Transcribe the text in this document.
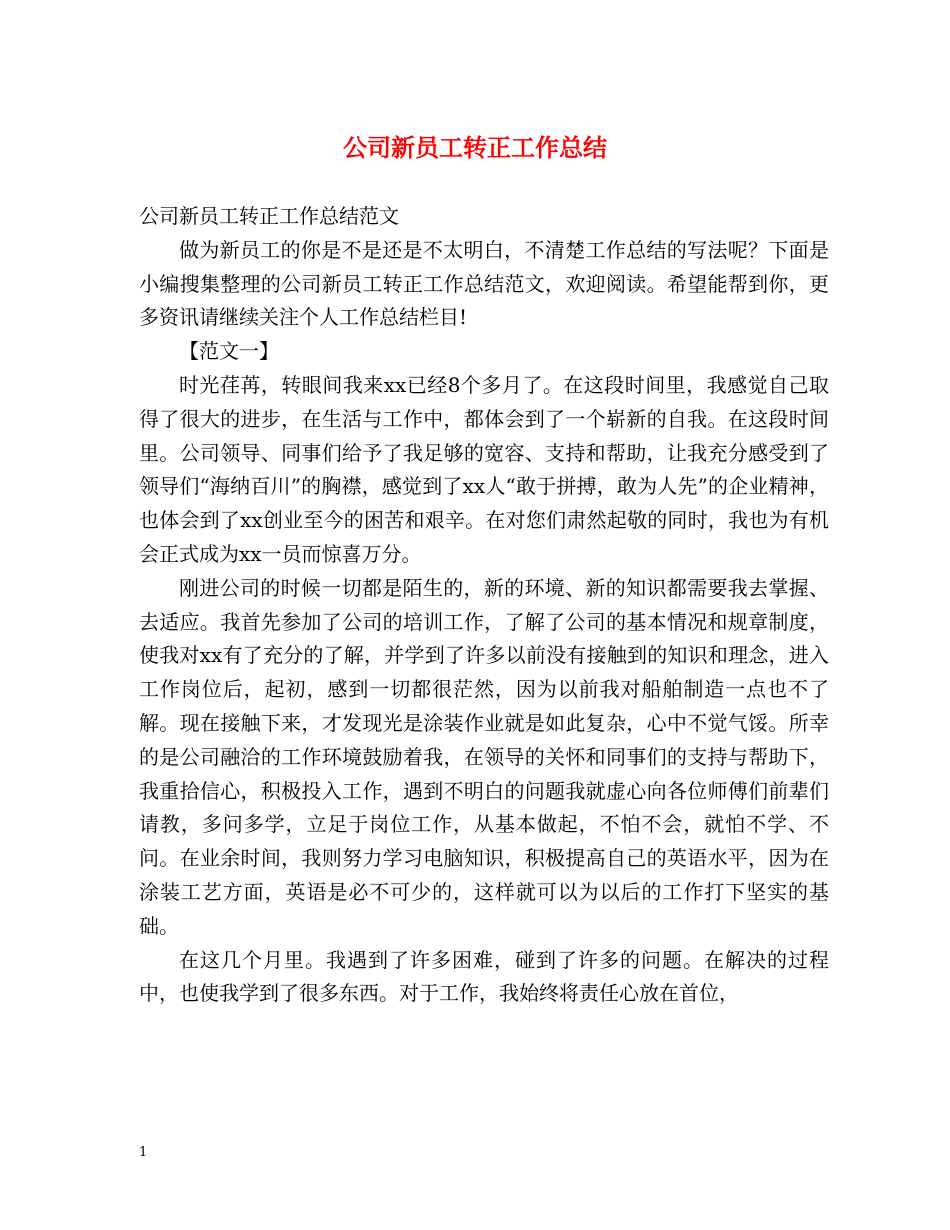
公司新员工转正工作总结

公司新员工转正工作总结范文

做为新员工的你是不是还是不太明白，不清楚工作总结的写法呢？下面是小编搜集整理的公司新员工转正工作总结范文，欢迎阅读。希望能帮到你，更多资讯请继续关注个人工作总结栏目!

【范文一】

时光荏苒，转眼间我来xx已经8个多月了。在这段时间里，我感觉自己取得了很大的进步，在生活与工作中，都体会到了一个崭新的自我。在这段时间里。公司领导、同事们给予了我足够的宽容、支持和帮助，让我充分感受到了领导们“海纳百川”的胸襟，感觉到了xx人“敢于拼搏，敢为人先”的企业精神，也体会到了xx创业至今的困苦和艰辛。在对您们肃然起敬的同时，我也为有机会正式成为xx一员而惊喜万分。

刚进公司的时候一切都是陌生的，新的环境、新的知识都需要我去掌握、去适应。我首先参加了公司的培训工作，了解了公司的基本情况和规章制度，使我对xx有了充分的了解，并学到了许多以前没有接触到的知识和理念，进入工作岗位后，起初，感到一切都很茫然，因为以前我对船舶制造一点也不了解。现在接触下来，才发现光是涂装作业就是如此复杂，心中不觉气馁。所幸的是公司融洽的工作环境鼓励着我，在领导的关怀和同事们的支持与帮助下，我重拾信心，积极投入工作，遇到不明白的问题我就虚心向各位师傅们前辈们请教，多问多学，立足于岗位工作，从基本做起，不怕不会，就怕不学、不问。在业余时间，我则努力学习电脑知识，积极提高自己的英语水平，因为在涂装工艺方面，英语是必不可少的，这样就可以为以后的工作打下坚实的基础。

在这几个月里。我遇到了许多困难，碰到了许多的问题。在解决的过程中，也使我学到了很多东西。对于工作，我始终将责任心放在首位，

1
